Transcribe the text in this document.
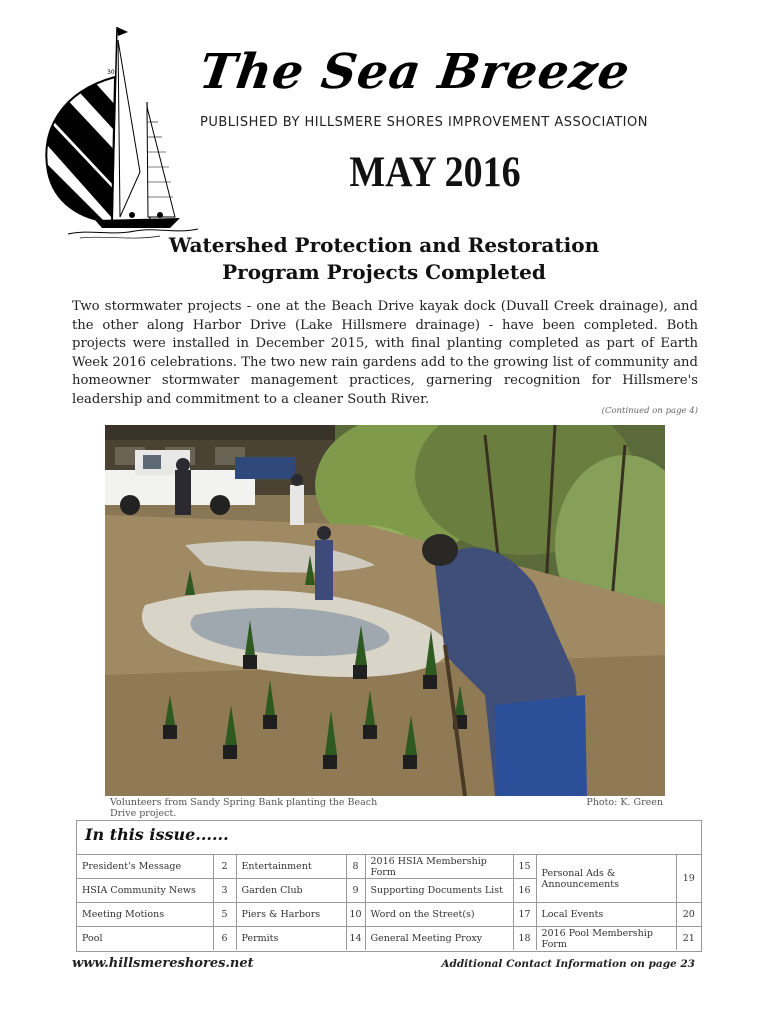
30 The Sea Breeze
PUBLISHED BY HILLSMERE SHORES IMPROVEMENT ASSOCIATION
MAY 2016
Watershed Protection and Restoration
Program Projects Completed
Two stormwater projects - one at the Beach Drive kayak dock (Duvall Creek drainage), and the other along Harbor Drive (Lake Hillsmere drainage) - have been completed. Both projects were installed in December 2015, with final planting completed as part of Earth Week 2016 celebrations. The two new rain gardens add to the growing list of community and homeowner stormwater management practices, garnering recognition for Hillsmere's leadership and commitment to a cleaner South River.
(Continued on page 4)
Volunteers from Sandy Spring Bank planting the Beach Drive project.
Photo: K. Green
In this issue......
President's Message	2	Entertainment	8	2016 HSIA Membership Form	15	Personal Ads & Announcements	19
HSIA Community News	3	Garden Club	9	Supporting Documents List	16		
Meeting Motions	5	Piers & Harbors	10	Word on the Street(s)	17	Local Events	20
Pool	6	Permits	14	General Meeting Proxy	18	2016 Pool Membership Form	21
www.hillsmereshores.net	Additional Contact Information on page 23
